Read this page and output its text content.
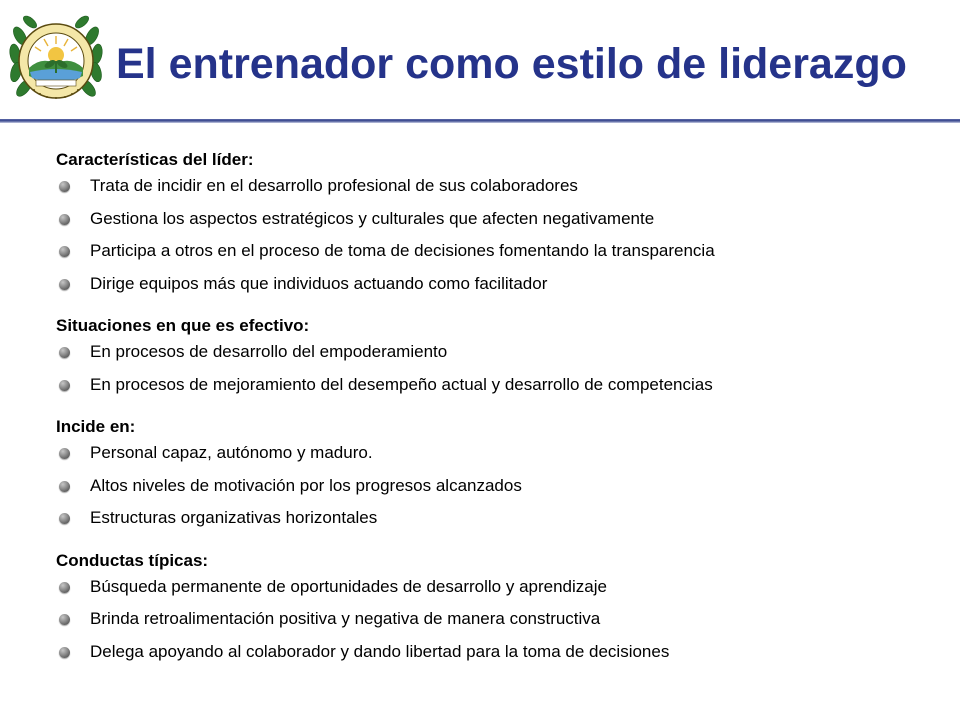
El entrenador como estilo de liderazgo
Características del líder:
Trata de incidir en el desarrollo profesional de sus colaboradores
Gestiona los aspectos estratégicos y culturales que afecten negativamente
Participa a otros en el proceso de toma de decisiones fomentando la transparencia
Dirige equipos más que individuos actuando como facilitador
Situaciones en que es efectivo:
En procesos de desarrollo del empoderamiento
En procesos de mejoramiento del desempeño actual y desarrollo de competencias
Incide en:
Personal capaz, autónomo y maduro.
Altos niveles de motivación por los progresos alcanzados
Estructuras organizativas horizontales
Conductas típicas:
Búsqueda permanente de oportunidades de desarrollo y aprendizaje
Brinda retroalimentación positiva y negativa de manera constructiva
Delega apoyando al colaborador y dando libertad para la toma de decisiones
